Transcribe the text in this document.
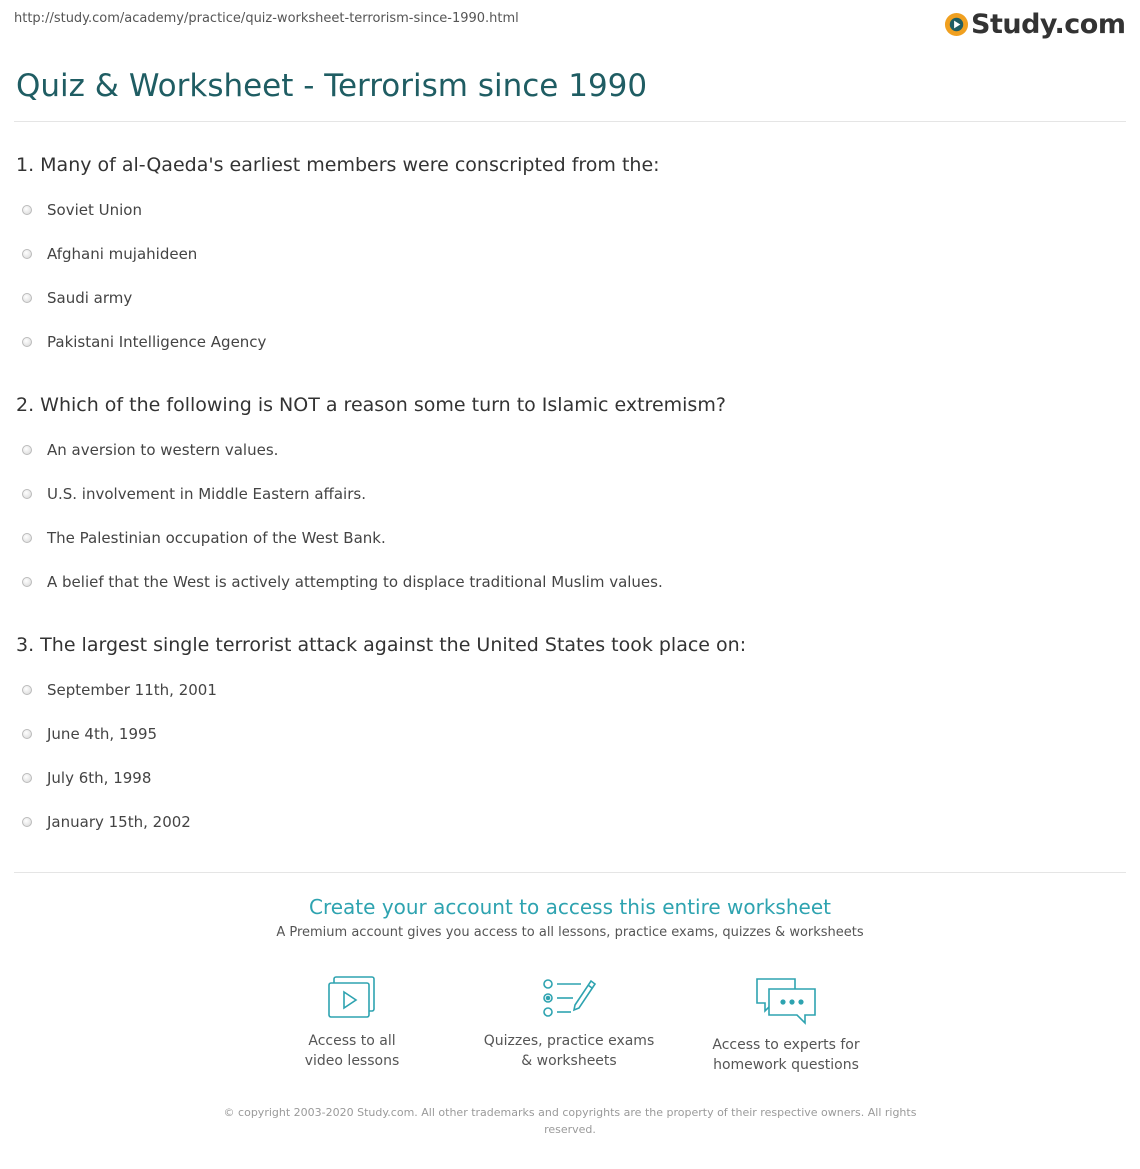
http://study.com/academy/practice/quiz-worksheet-terrorism-since-1990.html	Study.com
Quiz & Worksheet - Terrorism since 1990
1. Many of al-Qaeda's earliest members were conscripted from the:
Soviet Union
Afghani mujahideen
Saudi army
Pakistani Intelligence Agency
2. Which of the following is NOT a reason some turn to Islamic extremism?
An aversion to western values.
U.S. involvement in Middle Eastern affairs.
The Palestinian occupation of the West Bank.
A belief that the West is actively attempting to displace traditional Muslim values.
3. The largest single terrorist attack against the United States took place on:
September 11th, 2001
June 4th, 1995
July 6th, 1998
January 15th, 2002
Create your account to access this entire worksheet
A Premium account gives you access to all lessons, practice exams, quizzes & worksheets
Access to all
video lessons
Quizzes, practice exams
& worksheets
Access to experts for
homework questions
© copyright 2003-2020 Study.com. All other trademarks and copyrights are the property of their respective owners. All rights
reserved.
